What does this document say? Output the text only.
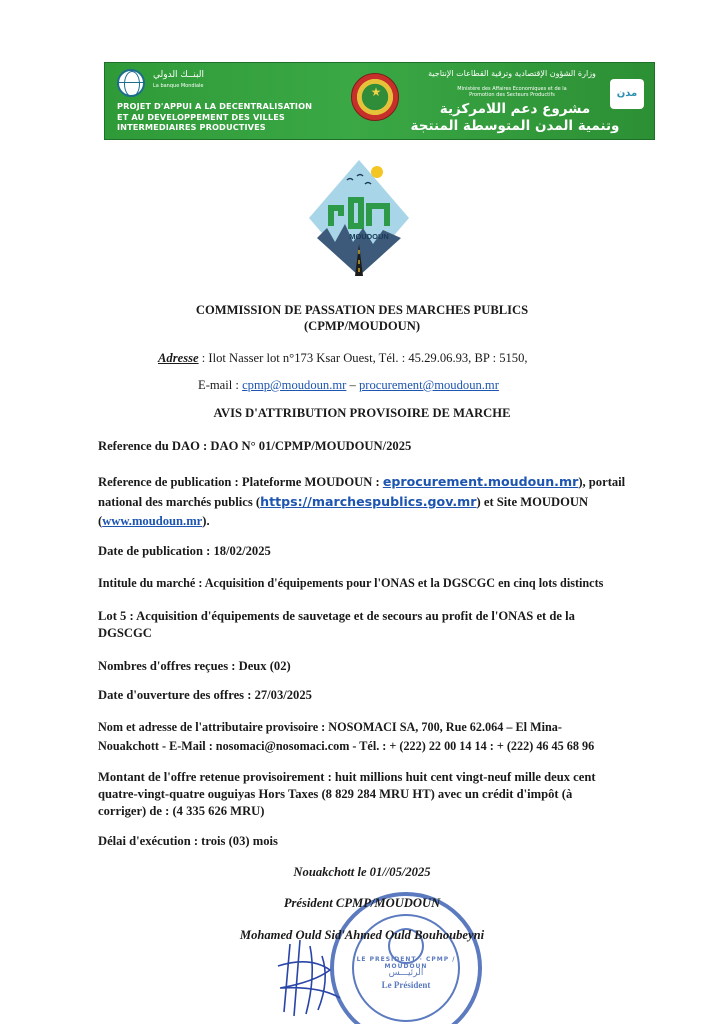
البنــك الدولي
La banque Mondiale
PROJET D'APPUI A LA DECENTRALISATION
ET AU DEVELOPPEMENT DES VILLES
INTERMEDIAIRES PRODUCTIVES
★
وزارة الشؤون الإقتصادية وترقية القطاعات الإنتاجية
Ministère des Affaires Economiques et de la
Promotion des Secteurs Productifs
مشروع دعم اللامركزية
وتنمية المدن المتوسطة المنتجة
مدن
MOUDOUN
COMMISSION DE PASSATION DES MARCHES PUBLICS
(CPMP/MOUDOUN)
Adresse : Ilot Nasser lot n°173 Ksar Ouest, Tél. : 45.29.06.93, BP : 5150,
E-mail : cpmp@moudoun.mr – procurement@moudoun.mr
AVIS D'ATTRIBUTION PROVISOIRE DE MARCHE
Reference du DAO : DAO N° 01/CPMP/MOUDOUN/2025
Reference de publication : Plateforme MOUDOUN : eprocurement.moudoun.mr), portail
national des marchés publics (https://marchespublics.gov.mr) et Site MOUDOUN
(www.moudoun.mr).
Date de publication : 18/02/2025
Intitule du marché : Acquisition d'équipements pour l'ONAS et la DGSCGC en cinq lots distincts
Lot 5 : Acquisition d'équipements de sauvetage et de secours au profit de l'ONAS et de la
DGSCGC
Nombres d'offres reçues : Deux (02)
Date d'ouverture des offres : 27/03/2025
Nom et adresse de l'attributaire provisoire : NOSOMACI SA, 700, Rue 62.064 – El Mina-
Nouakchott - E-Mail : nosomaci@nosomaci.com - Tél. : + (222) 22 00 14 14 : + (222) 46 45 68 96
Montant de l'offre retenue provisoirement : huit millions huit cent vingt-neuf mille deux cent
quatre-vingt-quatre ouguiyas Hors Taxes (8 829 284 MRU HT) avec un crédit d'impôt (à
corriger) de : (4 335 626 MRU)
Délai d'exécution : trois (03) mois
LE PRESIDENT · CPMP / MOUDOUN
الرئيـــس
Le Président
Nouakchott le 01//05/2025
Président CPMP/MOUDOUN
Mohamed Ould Sid'Ahmed Ould Bouhoubeyni
